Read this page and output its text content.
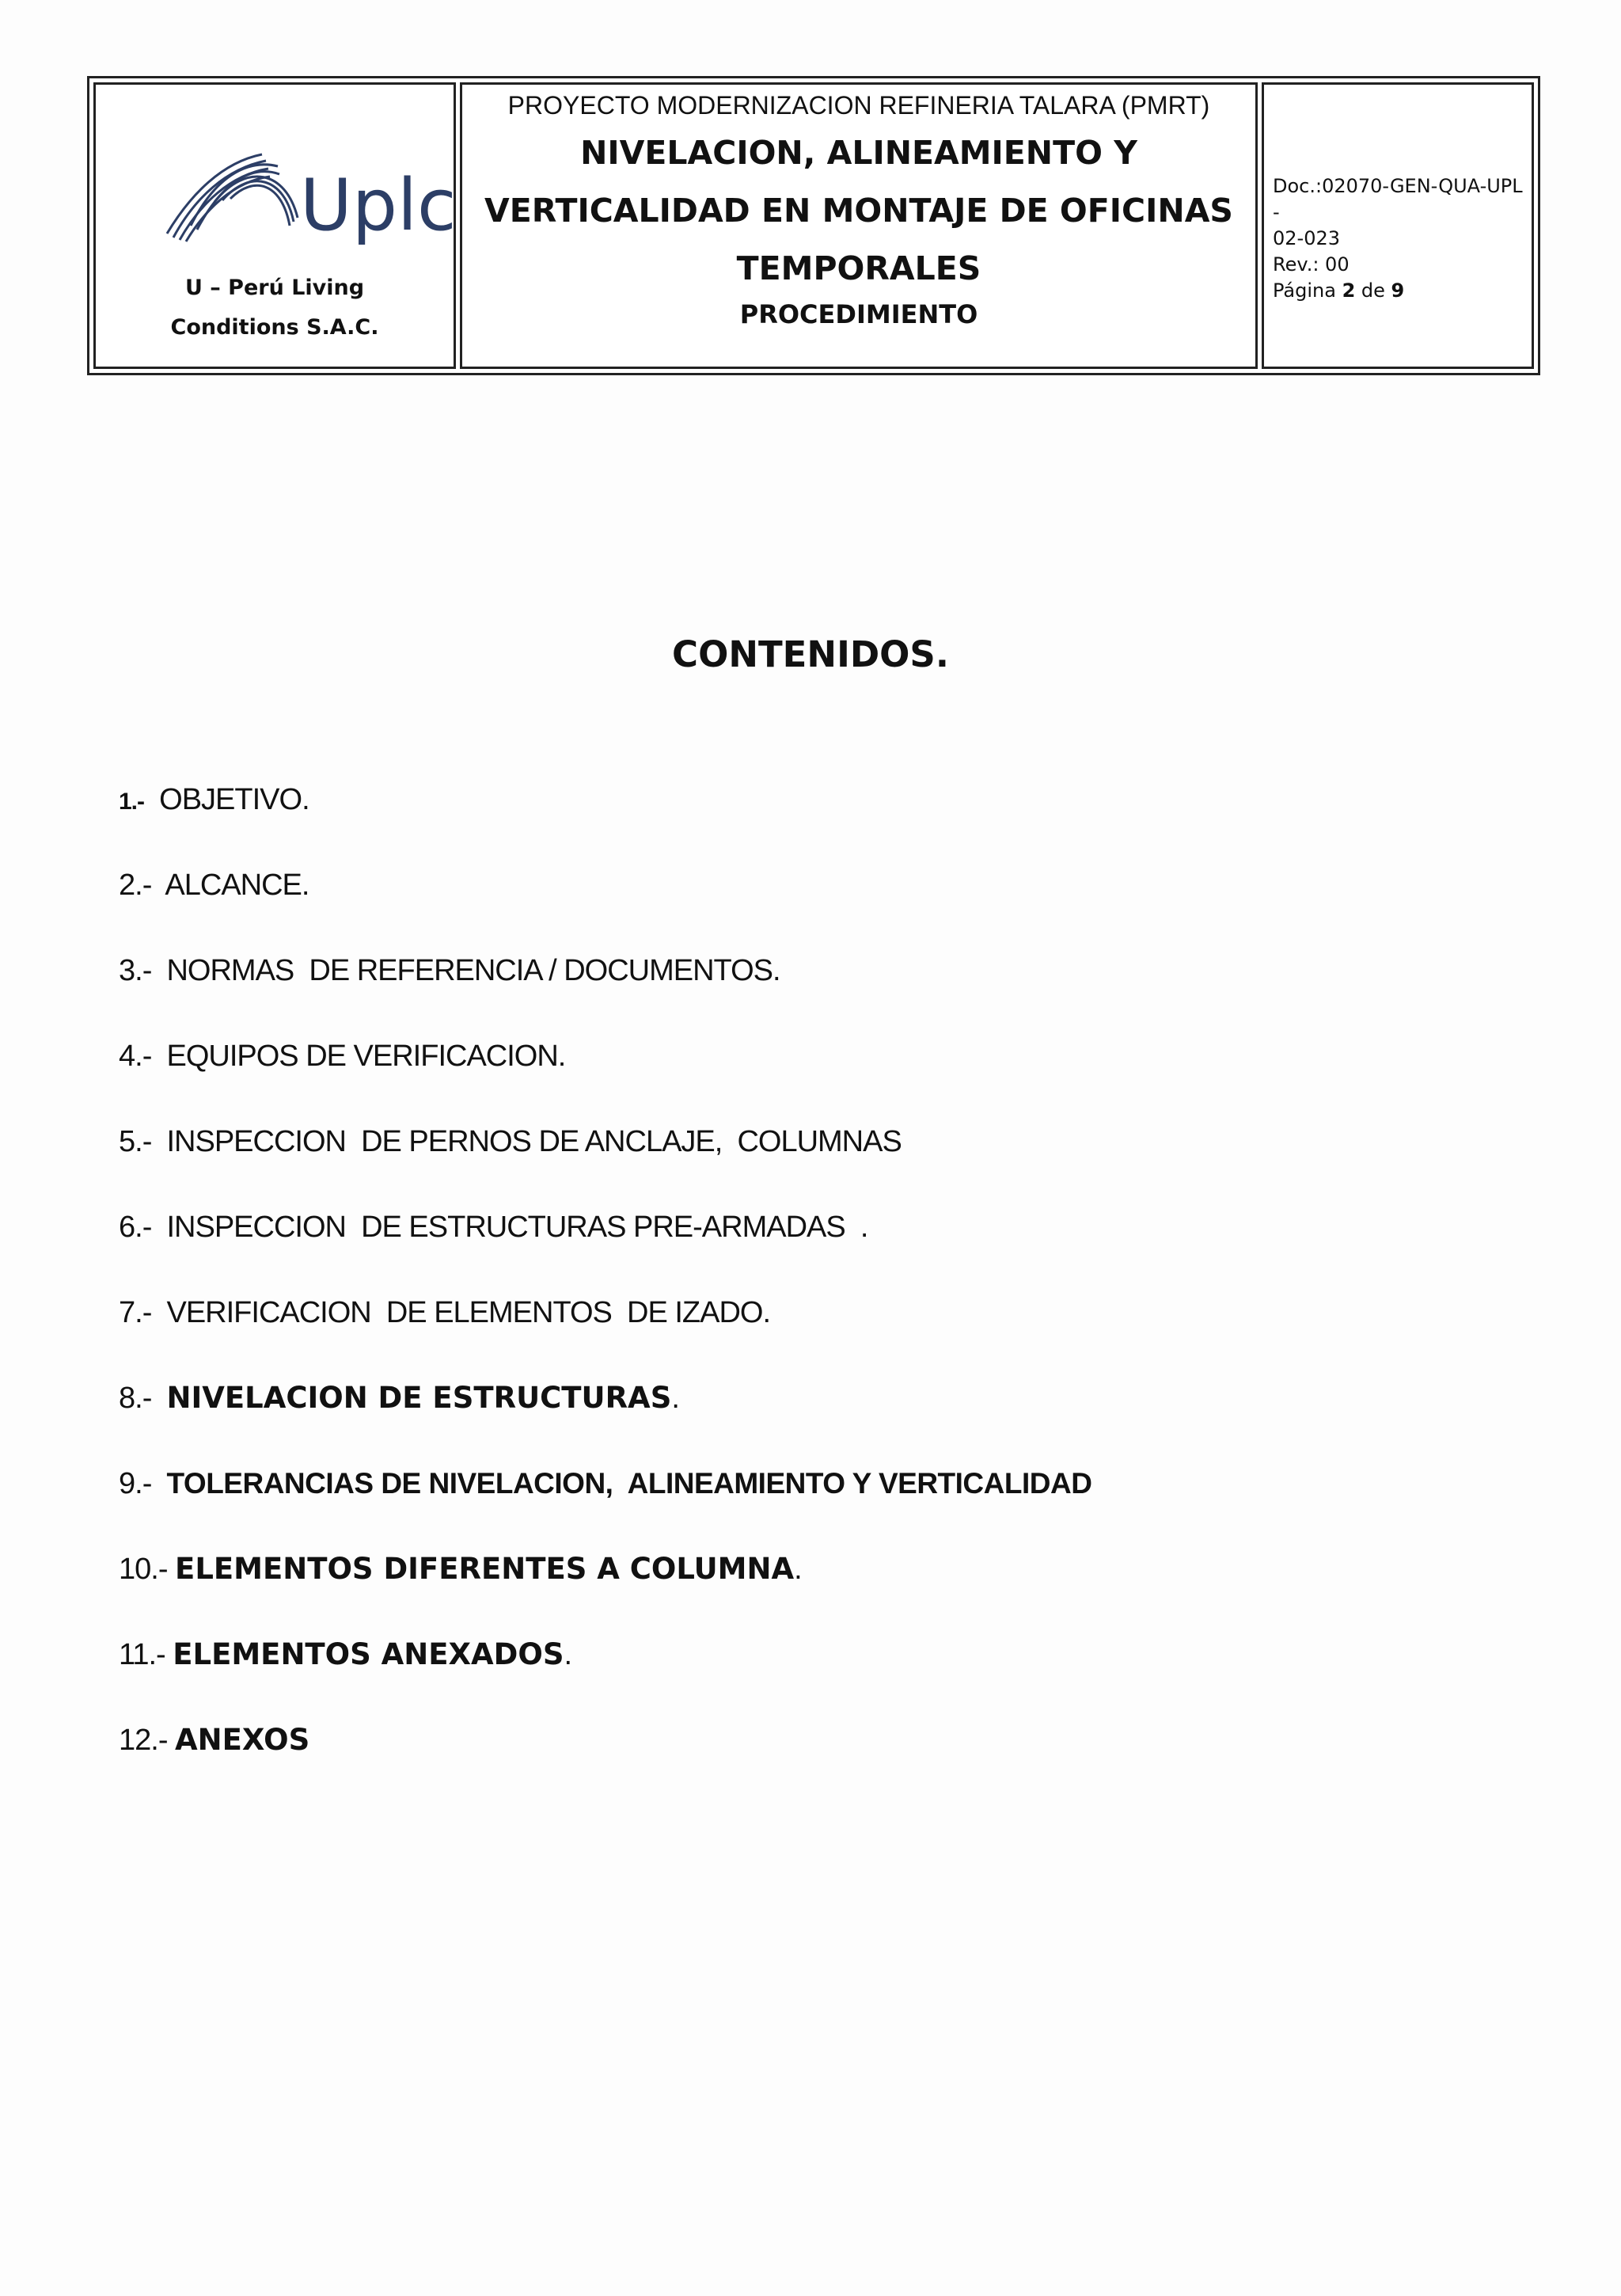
Uplc
U – Perú Living
Conditions S.A.C.
PROYECTO MODERNIZACION REFINERIA TALARA (PMRT)
NIVELACION, ALINEAMIENTO Y
VERTICALIDAD EN MONTAJE DE OFICINAS
TEMPORALES
PROCEDIMIENTO
Doc.:02070-GEN-QUA-UPL-
02-023
Rev.: 00
Página 2 de 9
CONTENIDOS.
1.- OBJETIVO.
2.- ALCANCE.
3.- NORMAS  DE REFERENCIA / DOCUMENTOS.
4.- EQUIPOS DE VERIFICACION.
5.- INSPECCION  DE PERNOS DE ANCLAJE,  COLUMNAS
6.- INSPECCION  DE ESTRUCTURAS PRE-ARMADAS  .
7.- VERIFICACION  DE ELEMENTOS  DE IZADO.
8.- NIVELACION DE ESTRUCTURAS.
9.- TOLERANCIAS DE NIVELACION,  ALINEAMIENTO Y VERTICALIDAD
10.- ELEMENTOS DIFERENTES A COLUMNA.
11.- ELEMENTOS ANEXADOS.
12.- ANEXOS
